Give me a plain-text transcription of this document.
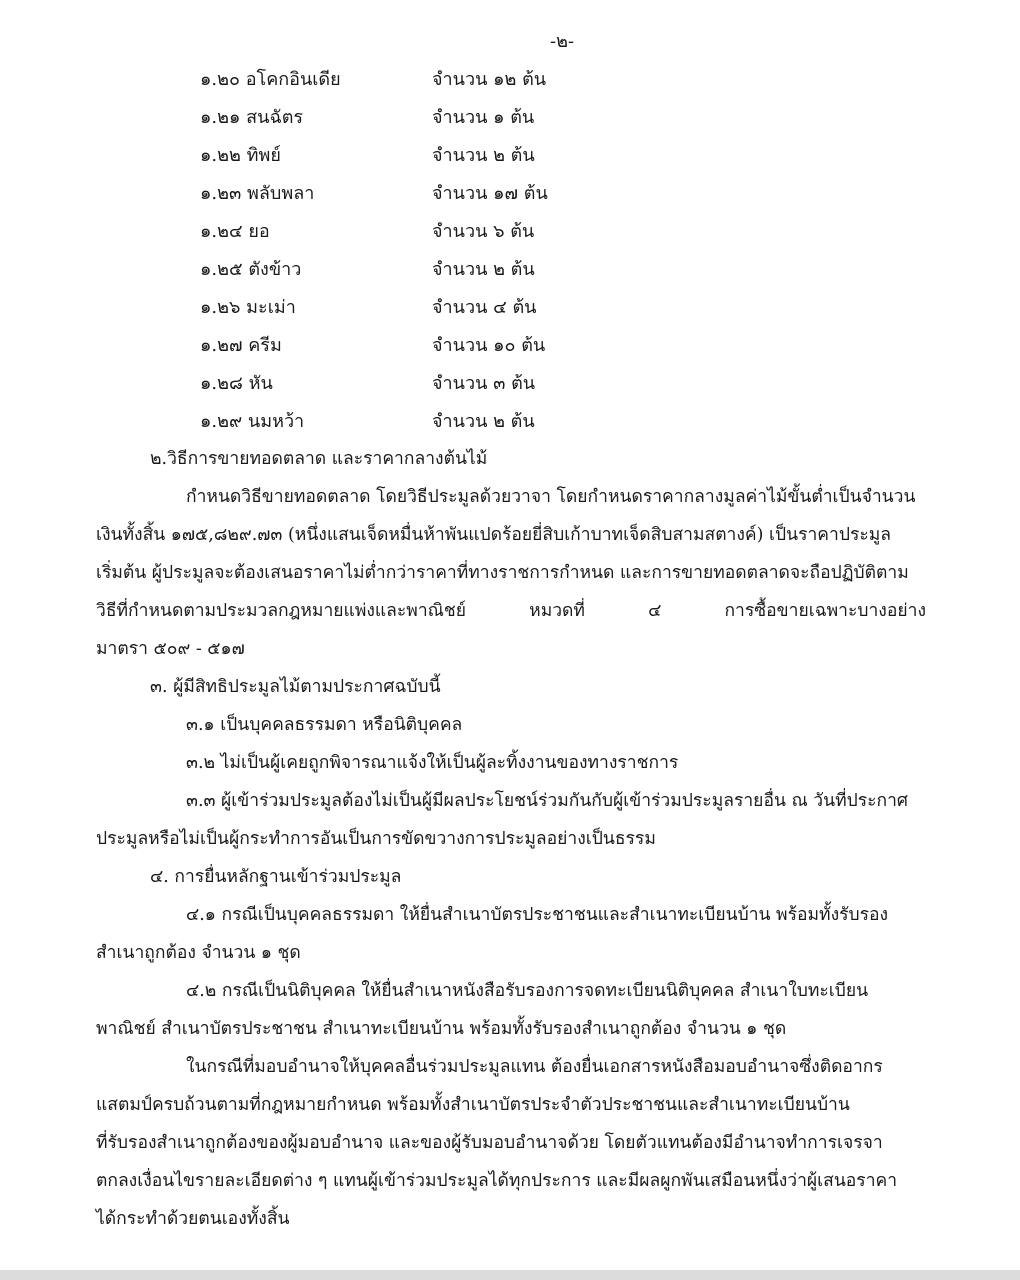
-๒-
๑.๒๐ อโคกอินเดีย	จำนวน ๑๒ ต้น
๑.๒๑ สนฉัตร	จำนวน ๑ ต้น
๑.๒๒ ทิพย์	จำนวน ๒ ต้น
๑.๒๓ พลับพลา	จำนวน ๑๗ ต้น
๑.๒๔ ยอ	จำนวน ๖ ต้น
๑.๒๕ ตังข้าว	จำนวน ๒ ต้น
๑.๒๖ มะเม่า	จำนวน ๔ ต้น
๑.๒๗ ครีม	จำนวน ๑๐ ต้น
๑.๒๘ หัน	จำนวน ๓ ต้น
๑.๒๙ นมหว้า	จำนวน ๒ ต้น
๒.วิธีการขายทอดตลาด และราคากลางต้นไม้
กำหนดวิธีขายทอดตลาด โดยวิธีประมูลด้วยวาจา โดยกำหนดราคากลางมูลค่าไม้ขั้นต่ำเป็นจำนวน
เงินทั้งสิ้น ๑๗๕,๘๒๙.๗๓ (หนึ่งแสนเจ็ดหมื่นห้าพันแปดร้อยยี่สิบเก้าบาทเจ็ดสิบสามสตางค์) เป็นราคาประมูล
เริ่มต้น ผู้ประมูลจะต้องเสนอราคาไม่ต่ำกว่าราคาที่ทางราชการกำหนด และการขายทอดตลาดจะถือปฏิบัติตาม
วิธีที่กำหนดตามประมวลกฎหมายแพ่งและพาณิชย์ หมวดที่ ๔ การซื้อขายเฉพาะบางอย่าง
มาตรา ๕๐๙ - ๕๑๗
๓. ผู้มีสิทธิประมูลไม้ตามประกาศฉบับนี้
๓.๑ เป็นบุคคลธรรมดา หรือนิติบุคคล
๓.๒ ไม่เป็นผู้เคยถูกพิจารณาแจ้งให้เป็นผู้ละทิ้งงานของทางราชการ
๓.๓ ผู้เข้าร่วมประมูลต้องไม่เป็นผู้มีผลประโยชน์ร่วมกันกับผู้เข้าร่วมประมูลรายอื่น ณ วันที่ประกาศ
ประมูลหรือไม่เป็นผู้กระทำการอันเป็นการขัดขวางการประมูลอย่างเป็นธรรม
๔. การยื่นหลักฐานเข้าร่วมประมูล
๔.๑ กรณีเป็นบุคคลธรรมดา ให้ยื่นสำเนาบัตรประชาชนและสำเนาทะเบียนบ้าน พร้อมทั้งรับรอง
สำเนาถูกต้อง จำนวน ๑ ชุด
๔.๒ กรณีเป็นนิติบุคคล ให้ยื่นสำเนาหนังสือรับรองการจดทะเบียนนิติบุคคล สำเนาใบทะเบียน
พาณิชย์ สำเนาบัตรประชาชน สำเนาทะเบียนบ้าน พร้อมทั้งรับรองสำเนาถูกต้อง จำนวน ๑ ชุด
ในกรณีที่มอบอำนาจให้บุคคลอื่นร่วมประมูลแทน ต้องยื่นเอกสารหนังสือมอบอำนาจซึ่งติดอากร
แสตมป์ครบถ้วนตามที่กฎหมายกำหนด พร้อมทั้งสำเนาบัตรประจำตัวประชาชนและสำเนาทะเบียนบ้าน
ที่รับรองสำเนาถูกต้องของผู้มอบอำนาจ และของผู้รับมอบอำนาจด้วย โดยตัวแทนต้องมีอำนาจทำการเจรจา
ตกลงเงื่อนไขรายละเอียดต่าง ๆ แทนผู้เข้าร่วมประมูลได้ทุกประการ และมีผลผูกพันเสมือนหนึ่งว่าผู้เสนอราคา
ได้กระทำด้วยตนเองทั้งสิ้น
